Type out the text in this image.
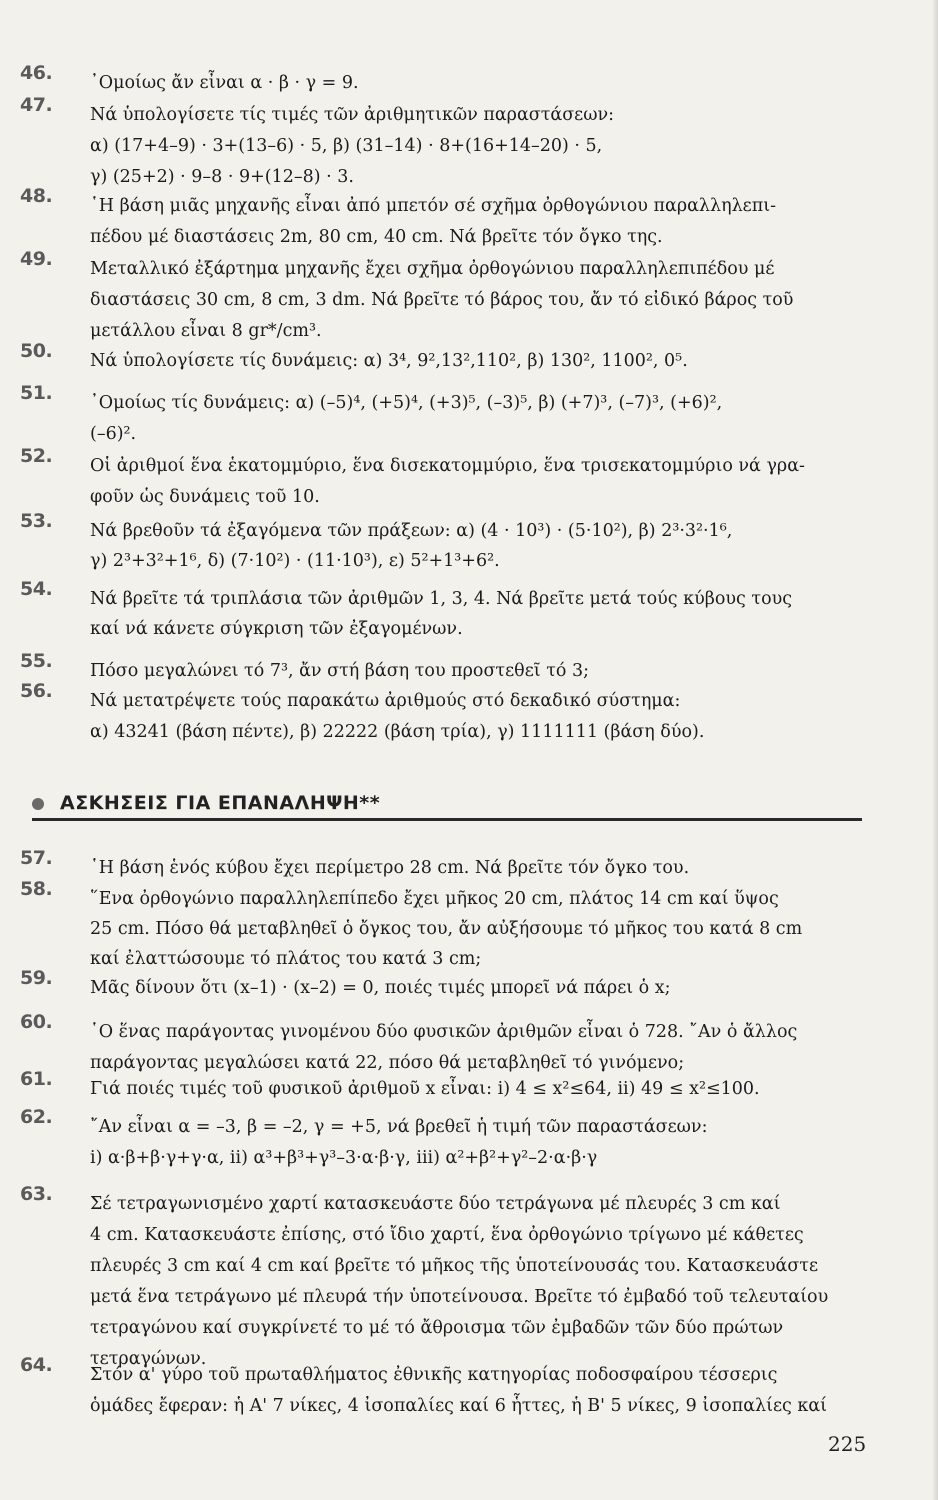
46. ᾿Ομοίως ἄν εἶναι α · β · γ = 9.
47. Νά ὑπολογίσετε τίς τιμές τῶν ἀριθμητικῶν παραστάσεων:
α) (17+4–9) · 3+(13–6) · 5, β) (31–14) · 8+(16+14–20) · 5,
γ) (25+2) · 9–8 · 9+(12–8) · 3.
48. ῾Η βάση μιᾶς μηχανῆς εἶναι ἀπό μπετόν σέ σχῆμα ὀρθογώνιου παραλληλεπι-
πέδου μέ διαστάσεις 2m, 80 cm, 40 cm. Νά βρεῖτε τόν ὄγκο της.
49. Μεταλλικό ἐξάρτημα μηχανῆς ἔχει σχῆμα ὀρθογώνιου παραλληλεπιπέδου μέ
διαστάσεις 30 cm, 8 cm, 3 dm. Νά βρεῖτε τό βάρος του, ἄν τό εἰδικό βάρος τοῦ
μετάλλου εἶναι 8 gr*/cm³.
50. Νά ὑπολογίσετε τίς δυνάμεις: α) 3⁴, 9²,13²,110², β) 130², 1100², 0⁵.
51. ᾿Ομοίως τίς δυνάμεις: α) (–5)⁴, (+5)⁴, (+3)⁵, (–3)⁵, β) (+7)³, (–7)³, (+6)²,
(–6)².
52. Οἱ ἀριθμοί ἕνα ἑκατομμύριο, ἕνα δισεκατομμύριο, ἕνα τρισεκατομμύριο νά γρα-
φοῦν ὡς δυνάμεις τοῦ 10.
53. Νά βρεθοῦν τά ἐξαγόμενα τῶν πράξεων: α) (4 · 10³) · (5·10²), β) 2³·3²·1⁶,
γ) 2³+3²+1⁶, δ) (7·10²) · (11·10³), ε) 5²+1³+6².
54. Νά βρεῖτε τά τριπλάσια τῶν ἀριθμῶν 1, 3, 4. Νά βρεῖτε μετά τούς κύβους τους
καί νά κάνετε σύγκριση τῶν ἐξαγομένων.
55. Πόσο μεγαλώνει τό 7³, ἄν στή βάση του προστεθεῖ τό 3;
56. Νά μετατρέψετε τούς παρακάτω ἀριθμούς στό δεκαδικό σύστημα:
α) 43241 (βάση πέντε), β) 22222 (βάση τρία), γ) 1111111 (βάση δύο).
57. ῾Η βάση ἑνός κύβου ἔχει περίμετρο 28 cm. Νά βρεῖτε τόν ὄγκο του.
58. ῞Ενα ὀρθογώνιο παραλληλεπίπεδο ἔχει μῆκος 20 cm, πλάτος 14 cm καί ὕψος
25 cm. Πόσο θά μεταβληθεῖ ὁ ὄγκος του, ἄν αὐξήσουμε τό μῆκος του κατά 8 cm
καί ἐλαττώσουμε τό πλάτος του κατά 3 cm;
59. Μᾶς δίνουν ὅτι (x–1) · (x–2) = 0, ποιές τιμές μπορεῖ νά πάρει ὁ x;
60. ῾Ο ἕνας παράγοντας γινομένου δύο φυσικῶν ἀριθμῶν εἶναι ὁ 728. ῎Αν ὁ ἄλλος
παράγοντας μεγαλώσει κατά 22, πόσο θά μεταβληθεῖ τό γινόμενο;
61. Γιά ποιές τιμές τοῦ φυσικοῦ ἀριθμοῦ x εἶναι: i) 4 ≤ x²≤64, ii) 49 ≤ x²≤100.
62. ῎Αν εἶναι α = –3, β = –2, γ = +5, νά βρεθεῖ ἡ τιμή τῶν παραστάσεων:
i) α·β+β·γ+γ·α, ii) α³+β³+γ³–3·α·β·γ, iii) α²+β²+γ²–2·α·β·γ
63. Σέ τετραγωνισμένο χαρτί κατασκευάστε δύο τετράγωνα μέ πλευρές 3 cm καί
4 cm. Κατασκευάστε ἐπίσης, στό ἴδιο χαρτί, ἕνα ὀρθογώνιο τρίγωνο μέ κάθετες
πλευρές 3 cm καί 4 cm καί βρεῖτε τό μῆκος τῆς ὑποτείνουσάς του. Κατασκευάστε
μετά ἕνα τετράγωνο μέ πλευρά τήν ὑποτείνουσα. Βρεῖτε τό ἐμβαδό τοῦ τελευταίου
τετραγώνου καί συγκρίνετέ το μέ τό ἄθροισμα τῶν ἐμβαδῶν τῶν δύο πρώτων
τετραγώνων.
64. Στόν α' γύρο τοῦ πρωταθλήματος ἐθνικῆς κατηγορίας ποδοσφαίρου τέσσερις
ὁμάδες ἔφεραν: ἡ Α' 7 νίκες, 4 ἰσοπαλίες καί 6 ἧττες, ἡ Β' 5 νίκες, 9 ἰσοπαλίες καί
ΑΣΚΗΣΕΙΣ ΓΙΑ ΕΠΑΝΑΛΗΨΗ**
225
